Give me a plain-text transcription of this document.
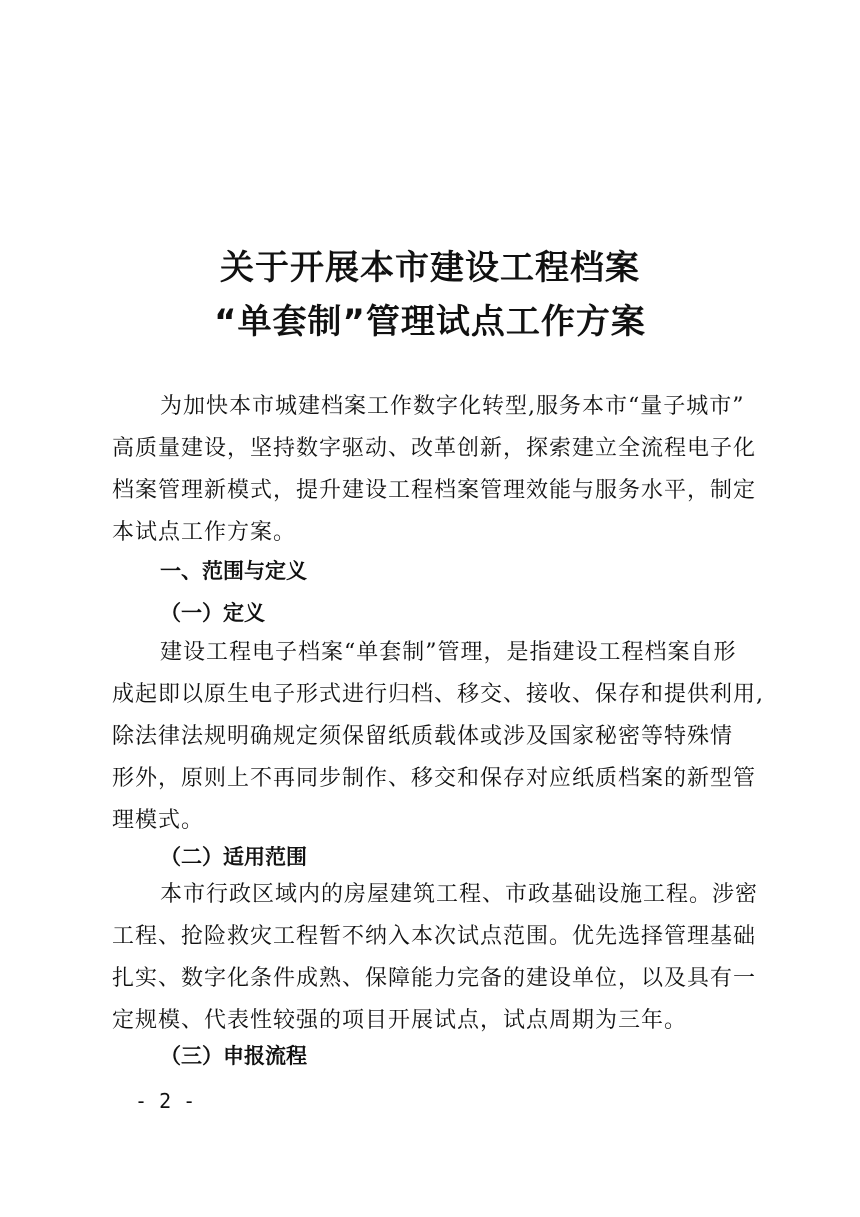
关于开展本市建设工程档案
“单套制”管理试点工作方案
为加快本市城建档案工作数字化转型,服务本市“量子城市”
高质量建设，坚持数字驱动、改革创新，探索建立全流程电子化
档案管理新模式，提升建设工程档案管理效能与服务水平，制定
本试点工作方案。
一、范围与定义
（一）定义
建设工程电子档案“单套制”管理，是指建设工程档案自形
成起即以原生电子形式进行归档、移交、接收、保存和提供利用,
除法律法规明确规定须保留纸质载体或涉及国家秘密等特殊情
形外，原则上不再同步制作、移交和保存对应纸质档案的新型管
理模式。
（二）适用范围
本市行政区域内的房屋建筑工程、市政基础设施工程。涉密
工程、抢险救灾工程暂不纳入本次试点范围。优先选择管理基础
扎实、数字化条件成熟、保障能力完备的建设单位，以及具有一
定规模、代表性较强的项目开展试点，试点周期为三年。
（三）申报流程
- 2 -
